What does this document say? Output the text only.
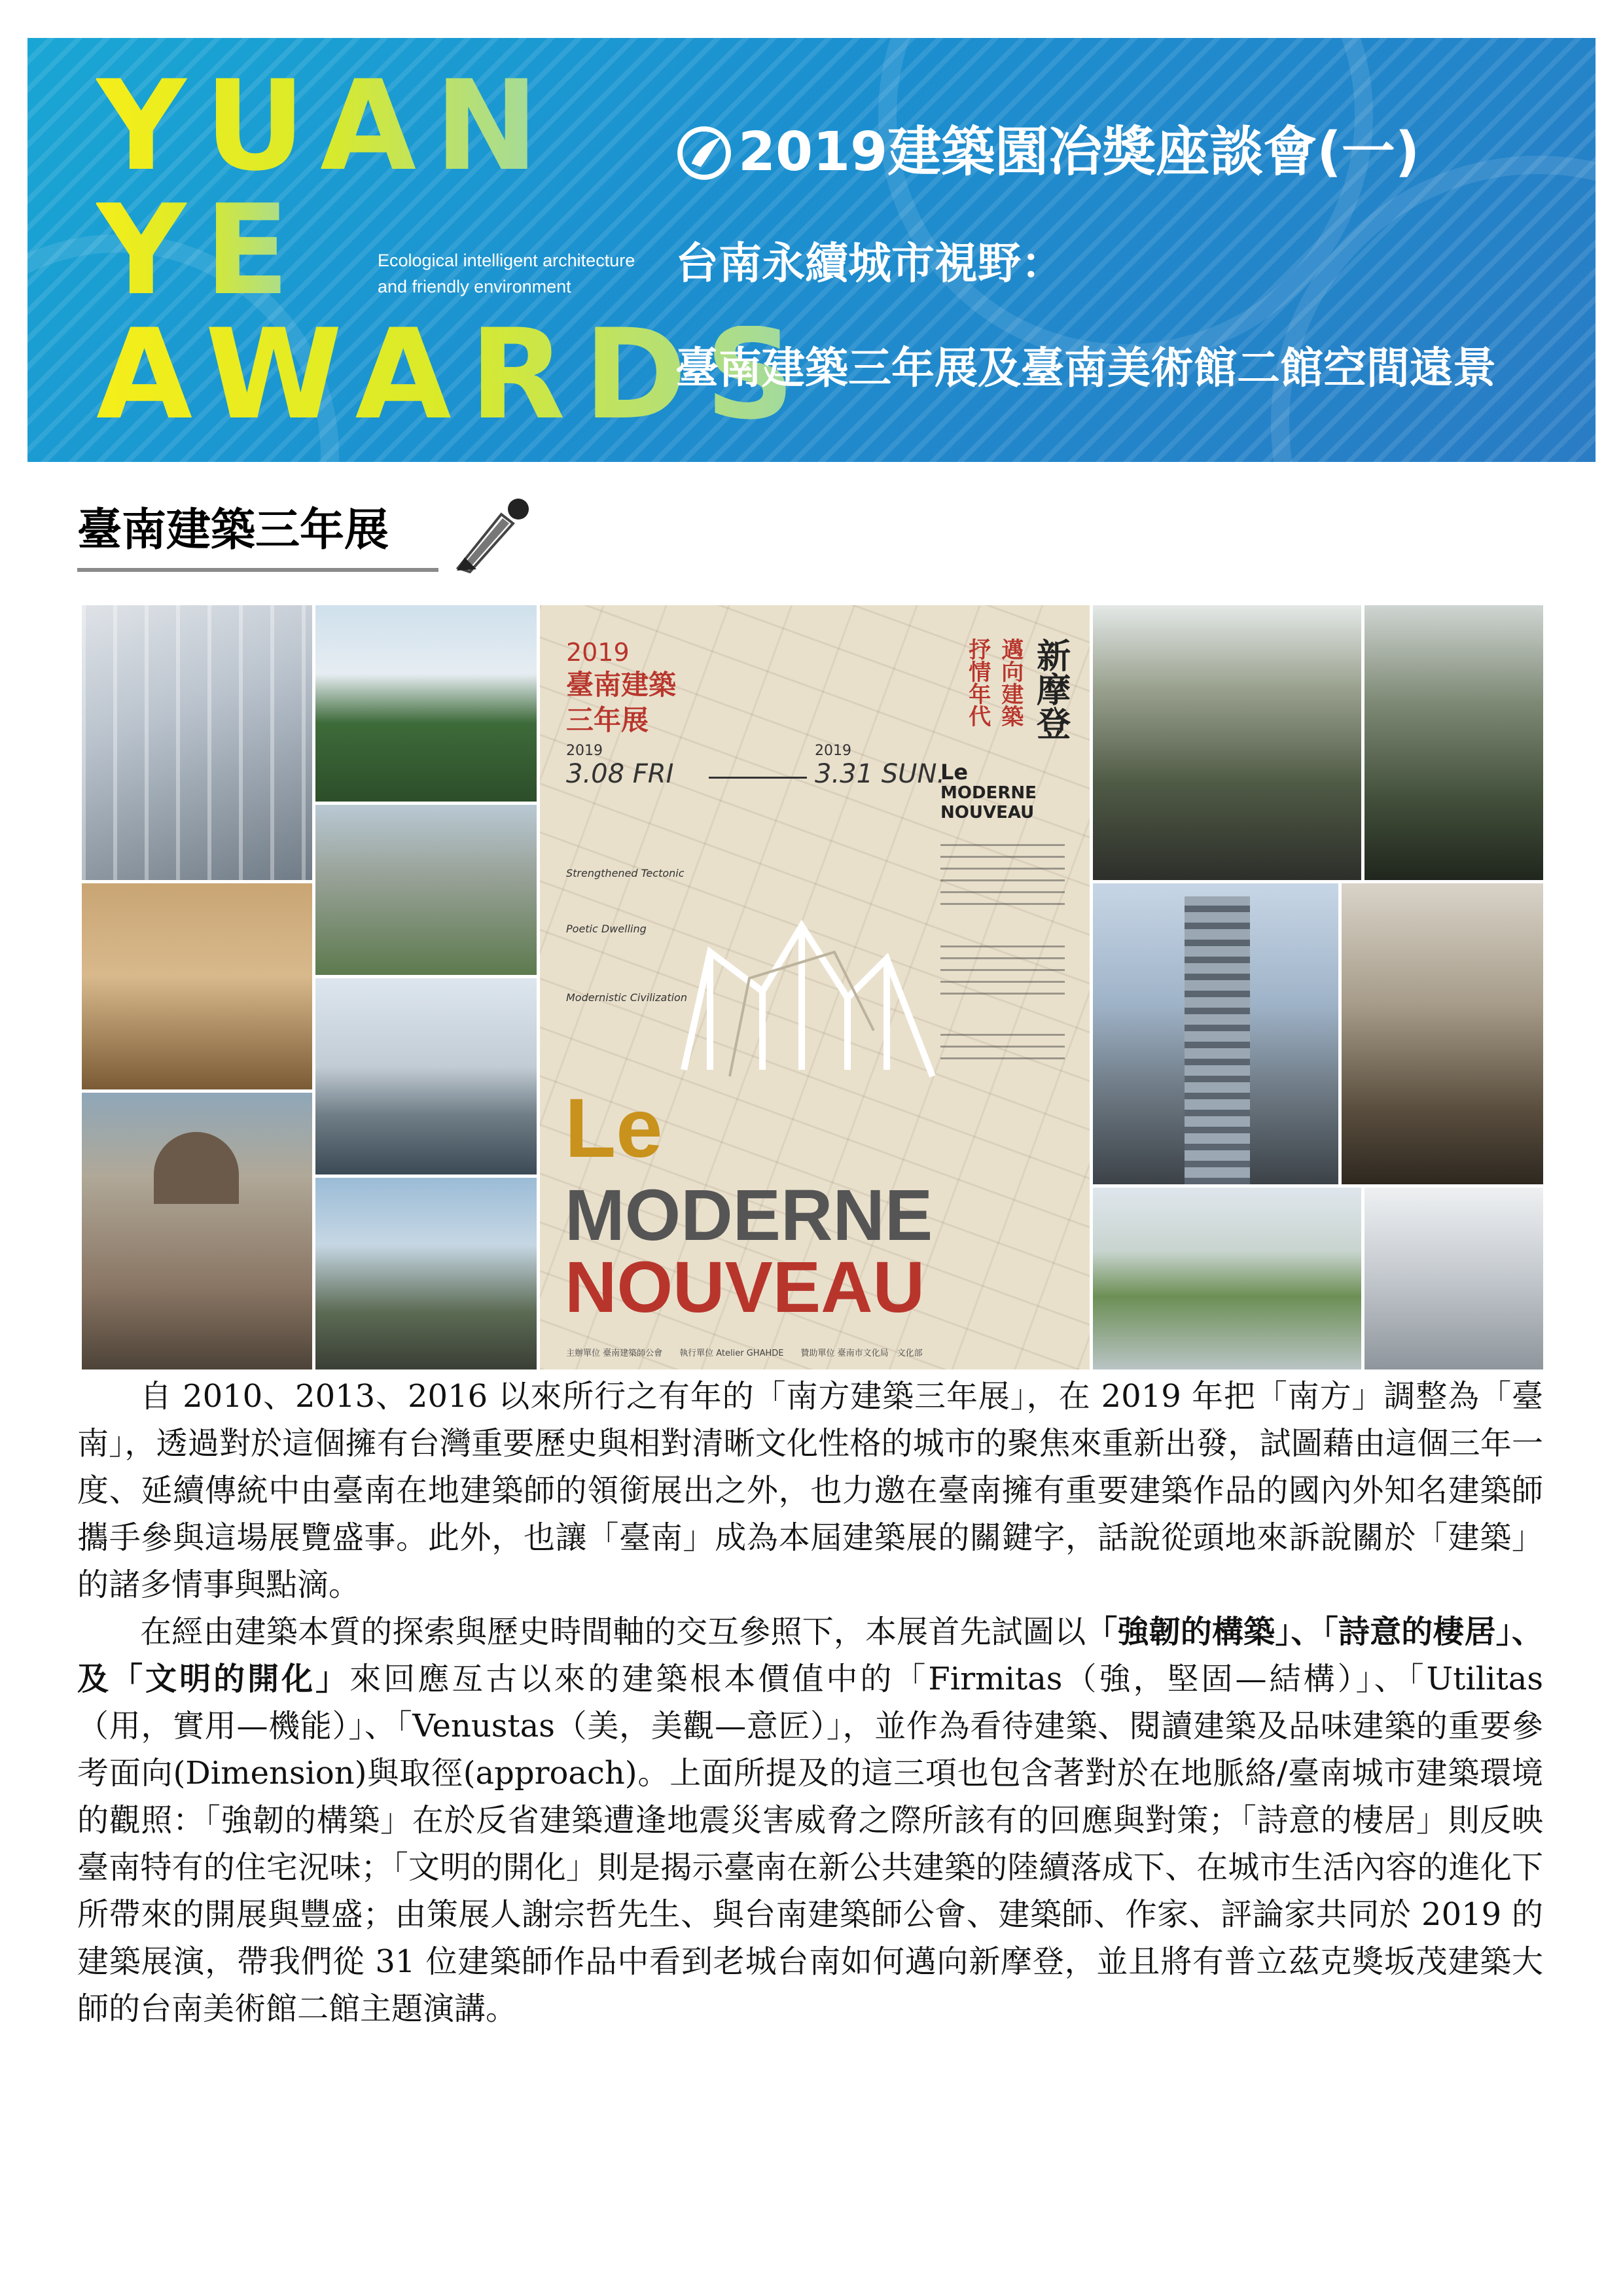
YUAN
YE
AWARDS
Ecological intelligent architecture
and friendly environment
2019建築園冶獎座談會(一)
台南永續城市視野：
臺南建築三年展及臺南美術館二館空間遠景
臺南建築三年展
2019
臺南建築三年展
2019
3.08 FRI
2019
3.31 SUN.
Strengthened Tectonic
Poetic Dwelling
Modernistic Civilization
抒情年代 邁向建築 新摩登
Le
MODERNE NOUVEAU
Le
MODERNE
NOUVEAU
主辦單位 臺南建築師公會　　執行單位 Atelier GHAHDE　　贊助單位 臺南市文化局　文化部

自 2010、2013、2016 以來所行之有年的「南方建築三年展」，在 2019 年把「南方」調整為「臺南」，透過對於這個擁有台灣重要歷史與相對清晰文化性格的城市的聚焦來重新出發，試圖藉由這個三年一度、延續傳統中由臺南在地建築師的領銜展出之外，也力邀在臺南擁有重要建築作品的國內外知名建築師攜手參與這場展覽盛事。此外，也讓「臺南」成為本屆建築展的關鍵字，話說從頭地來訴說關於「建築」的諸多情事與點滴。

在經由建築本質的探索與歷史時間軸的交互參照下，本展首先試圖以「強韌的構築」、「詩意的棲居」、及「文明的開化」來回應亙古以來的建築根本價值中的「Firmitas（強，堅固—結構）」、「Utilitas （用，實用—機能）」、「Venustas（美，美觀—意匠）」，並作為看待建築、閱讀建築及品味建築的重要參考面向(Dimension)與取徑(approach)。上面所提及的這三項也包含著對於在地脈絡/臺南城市建築環境的觀照：「強韌的構築」在於反省建築遭逢地震災害威脅之際所該有的回應與對策；「詩意的棲居」則反映臺南特有的住宅況味；「文明的開化」則是揭示臺南在新公共建築的陸續落成下、在城市生活內容的進化下所帶來的開展與豐盛；由策展人謝宗哲先生、與台南建築師公會、建築師、作家、評論家共同於 2019 的建築展演，帶我們從 31 位建築師作品中看到老城台南如何邁向新摩登，並且將有普立茲克獎坂茂建築大師的台南美術館二館主題演講。
